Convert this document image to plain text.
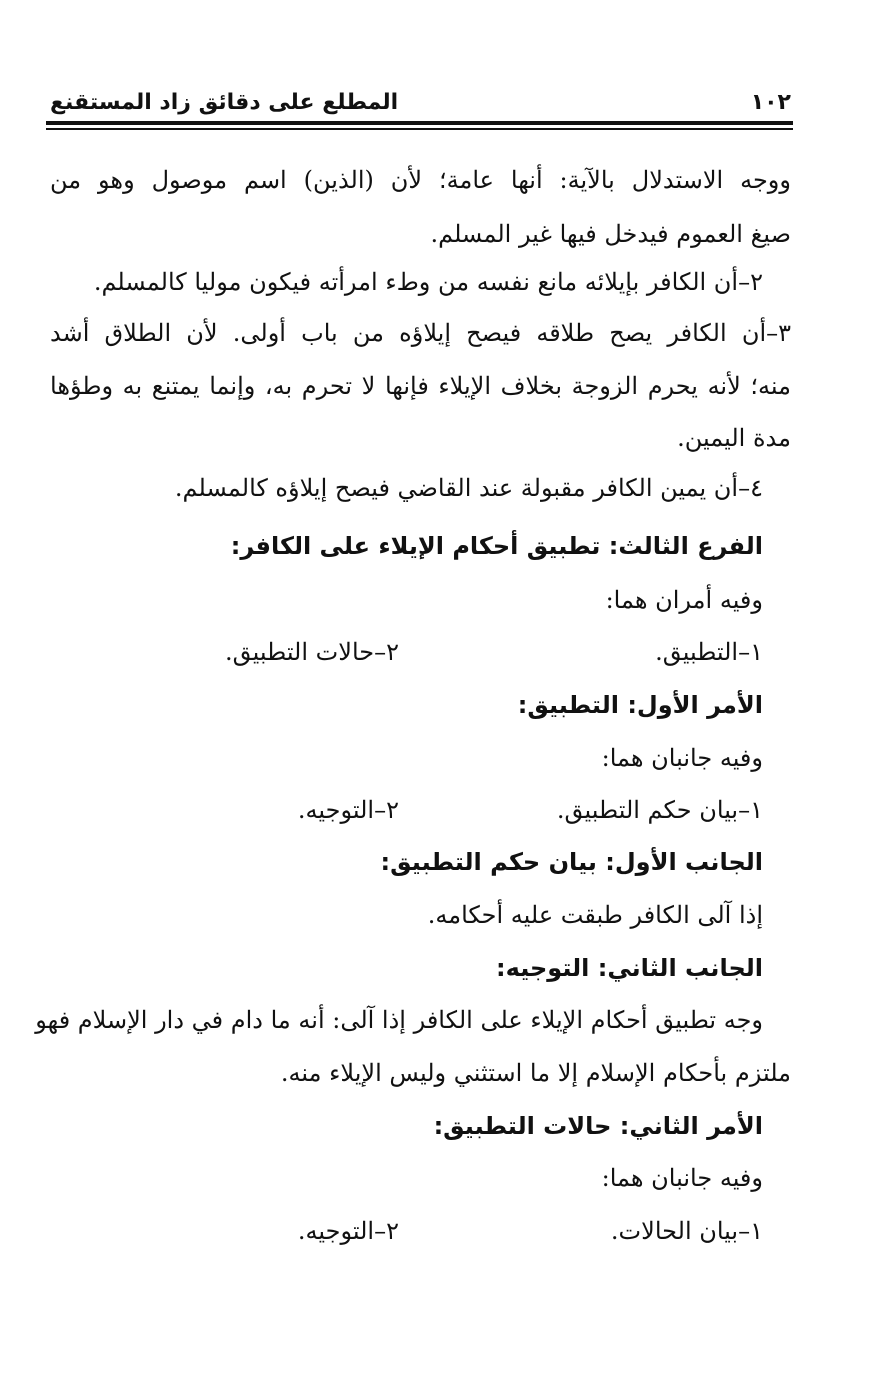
١٠٢
المطلع على دقائق زاد المستقنع
ووجه الاستدلال بالآية: أنها عامة؛ لأن (الذين) اسم موصول وهو من
صيغ العموم فيدخل فيها غير المسلم.
٢–أن الكافر بإيلائه مانع نفسه من وطء امرأته فيكون موليا كالمسلم.
٣–أن الكافر يصح طلاقه فيصح إيلاؤه من باب أولى. لأن الطلاق أشد
منه؛ لأنه يحرم الزوجة بخلاف الإيلاء فإنها لا تحرم به، وإنما يمتنع به وطؤها
مدة اليمين.
٤–أن يمين الكافر مقبولة عند القاضي فيصح إيلاؤه كالمسلم.
الفرع الثالث: تطبيق أحكام الإيلاء على الكافر:
وفيه أمران هما:
١–التطبيق.
٢–حالات التطبيق.
الأمر الأول: التطبيق:
وفيه جانبان هما:
١–بيان حكم التطبيق.
٢–التوجيه.
الجانب الأول: بيان حكم التطبيق:
إذا آلى الكافر طبقت عليه أحكامه.
الجانب الثاني: التوجيه:
وجه تطبيق أحكام الإيلاء على الكافر إذا آلى: أنه ما دام في دار الإسلام فهو
ملتزم بأحكام الإسلام إلا ما استثني وليس الإيلاء منه.
الأمر الثاني: حالات التطبيق:
وفيه جانبان هما:
١–بيان الحالات.
٢–التوجيه.
